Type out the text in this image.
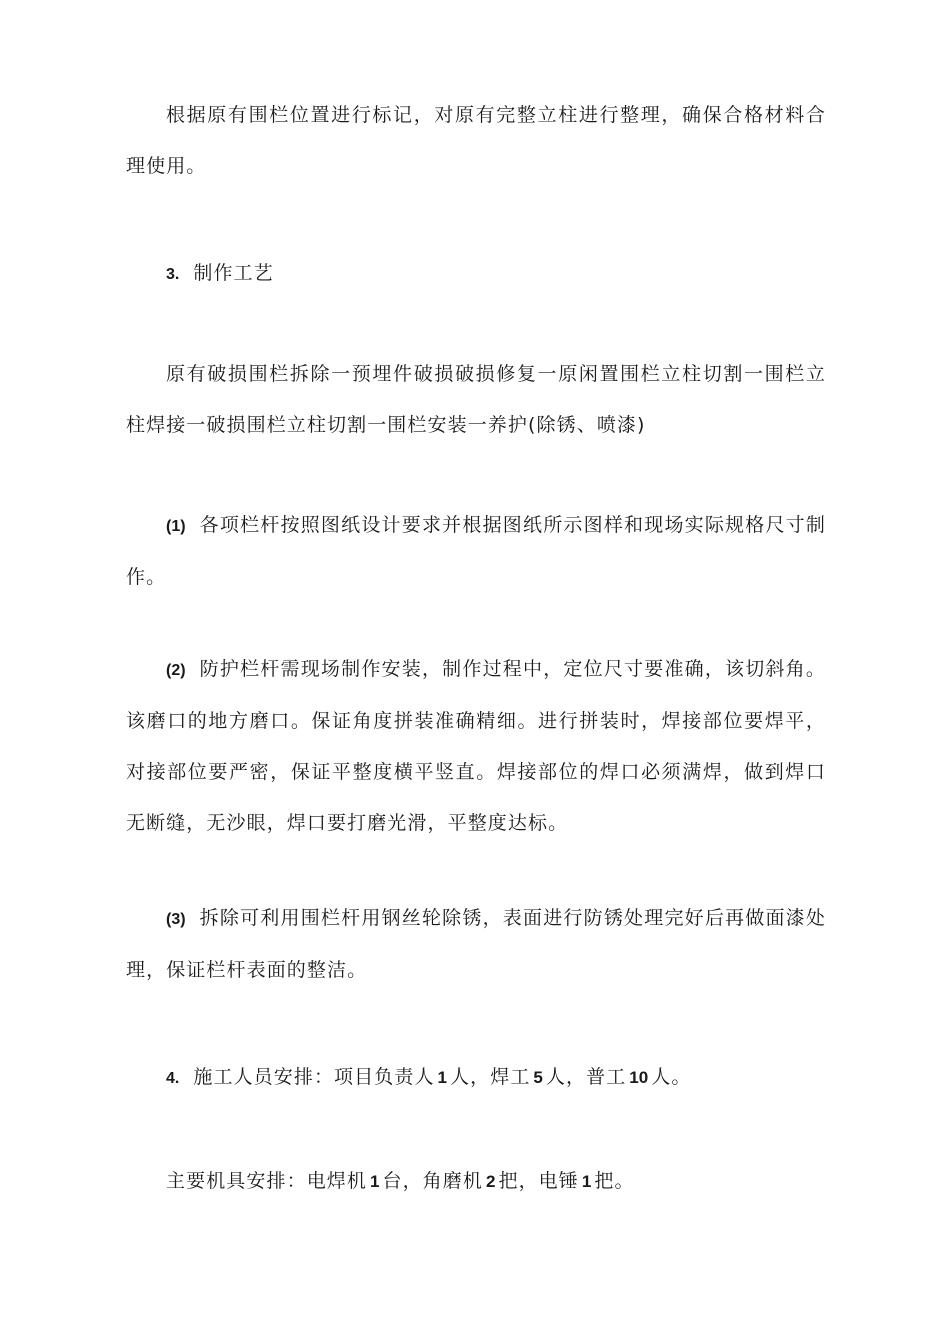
根据原有围栏位置进行标记，对原有完整立柱进行整理，确保合格材料合理使用。

3. 制作工艺

原有破损围栏拆除一预埋件破损破损修复一原闲置围栏立柱切割一围栏立柱焊接一破损围栏立柱切割一围栏安装一养护(除锈、喷漆)

(1) 各项栏杆按照图纸设计要求并根据图纸所示图样和现场实际规格尺寸制作。

(2) 防护栏杆需现场制作安装，制作过程中，定位尺寸要准确，该切斜角。该磨口的地方磨口。保证角度拼装准确精细。进行拼装时，焊接部位要焊平，对接部位要严密，保证平整度横平竖直。焊接部位的焊口必须满焊，做到焊口无断缝，无沙眼，焊口要打磨光滑，平整度达标。

(3) 拆除可利用围栏杆用钢丝轮除锈，表面进行防锈处理完好后再做面漆处理，保证栏杆表面的整洁。

4. 施工人员安排：项目负责人 1 人，焊工 5 人，普工 10 人。

主要机具安排：电焊机 1 台，角磨机 2 把，电锤 1 把。
